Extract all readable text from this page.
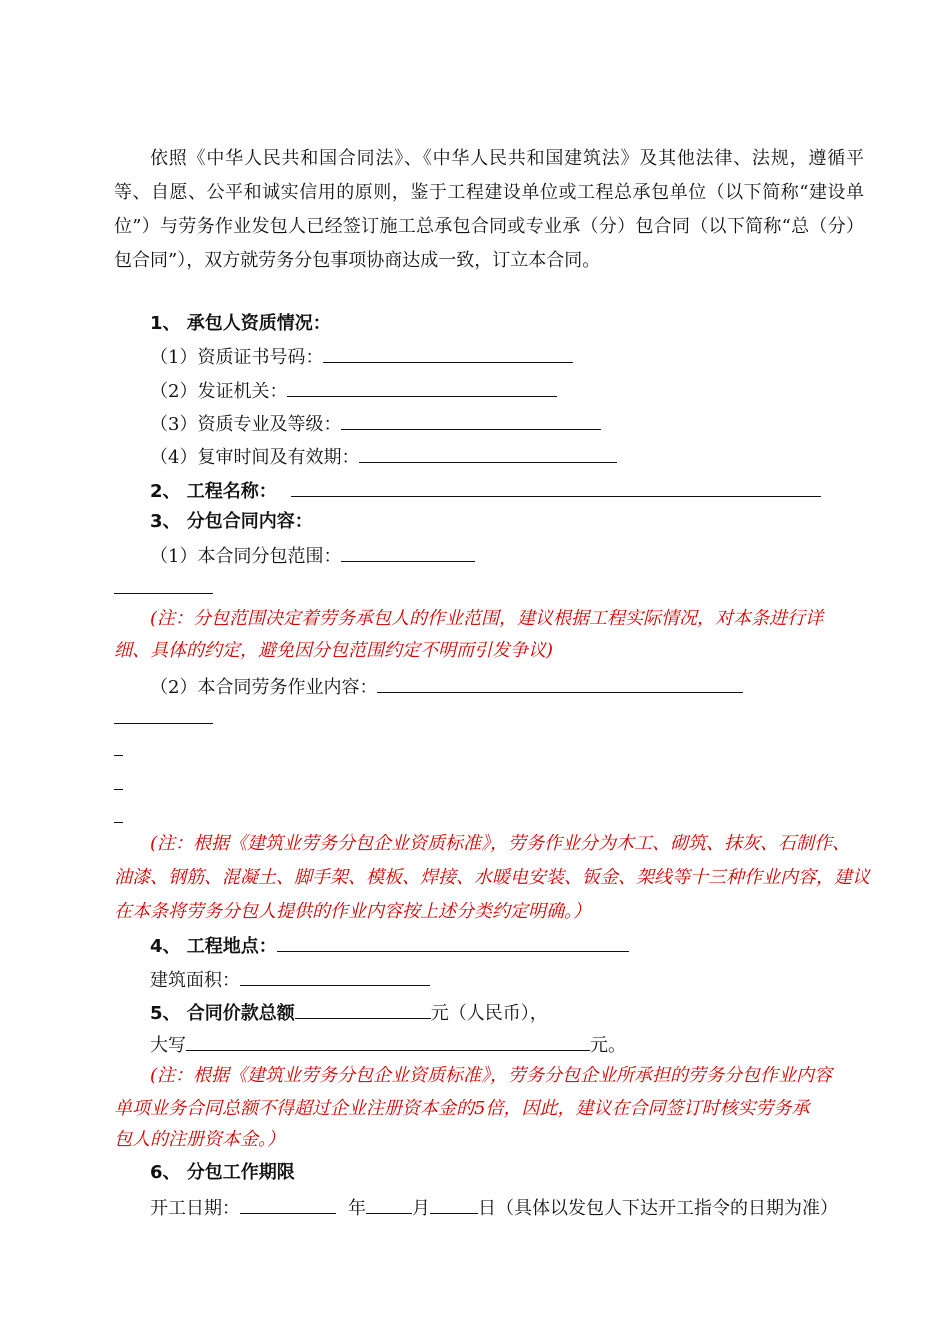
依照《中华人民共和国合同法》、《中华人民共和国建筑法》及其他法律、法规，遵循平等、自愿、公平和诚实信用的原则，鉴于工程建设单位或工程总承包单位（以下简称“建设单位”）与劳务作业发包人已经签订施工总承包合同或专业承（分）包合同（以下简称“总（分）包合同”），双方就劳务分包事项协商达成一致，订立本合同。

1、 承包人资质情况：
（1）资质证书号码：
（2）发证机关：
（3）资质专业及等级：
（4）复审时间及有效期：
2、 工程名称：
3、 分包合同内容：
（1）本合同分包范围：
(注：分包范围决定着劳务承包人的作业范围，建议根据工程实际情况，对本条进行详
细、具体的约定，避免因分包范围约定不明而引发争议)
（2）本合同劳务作业内容：
(注：根据《建筑业劳务分包企业资质标准》，劳务作业分为木工、砌筑、抹灰、石制作、
油漆、钢筋、混凝土、脚手架、模板、焊接、水暖电安装、钣金、架线等十三种作业内容，建议
在本条将劳务分包人提供的作业内容按上述分类约定明确。）
4、 工程地点：
建筑面积：
5、 合同价款总额	元（人民币），
大写	元。
(注：根据《建筑业劳务分包企业资质标准》，劳务分包企业所承担的劳务分包作业内容
单项业务合同总额不得超过企业注册资本金的5倍，因此，建议在合同签订时核实劳务承
包人的注册资本金。）
6、 分包工作期限
开工日期：	年	月	日（具体以发包人下达开工指令的日期为准）
